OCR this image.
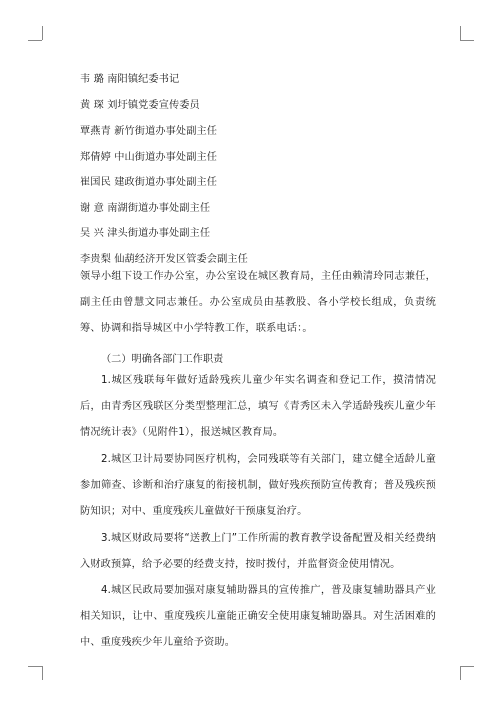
韦 璐 南阳镇纪委书记
黄 琛 刘圩镇党委宣传委员
覃燕青 新竹街道办事处副主任
郑倩婷 中山街道办事处副主任
崔国民 建政街道办事处副主任
谢 意 南湖街道办事处副主任
吴 兴 津头街道办事处副主任
李贵梨 仙葫经济开发区管委会副主任

领导小组下设工作办公室，办公室设在城区教育局，主任由赖清玲同志兼任，副主任由曾慧文同志兼任。办公室成员由基教股、各小学校长组成，负责统筹、协调和指导城区中小学特教工作，联系电话：。

（二）明确各部门工作职责

1.城区残联每年做好适龄残疾儿童少年实名调查和登记工作，摸清情况后，由青秀区残联区分类型整理汇总，填写《青秀区未入学适龄残疾儿童少年情况统计表》（见附件1），报送城区教育局。

2.城区卫计局要协同医疗机构，会同残联等有关部门，建立健全适龄儿童参加筛查、诊断和治疗康复的衔接机制，做好残疾预防宣传教育；普及残疾预防知识；对中、重度残疾儿童做好干预康复治疗。

3.城区财政局要将“送教上门”工作所需的教育教学设备配置及相关经费纳入财政预算，给予必要的经费支持，按时拨付，并监督资金使用情况。

4.城区民政局要加强对康复辅助器具的宣传推广，普及康复辅助器具产业相关知识，让中、重度残疾儿童能正确安全使用康复辅助器具。对生活困难的中、重度残疾少年儿童给予资助。
